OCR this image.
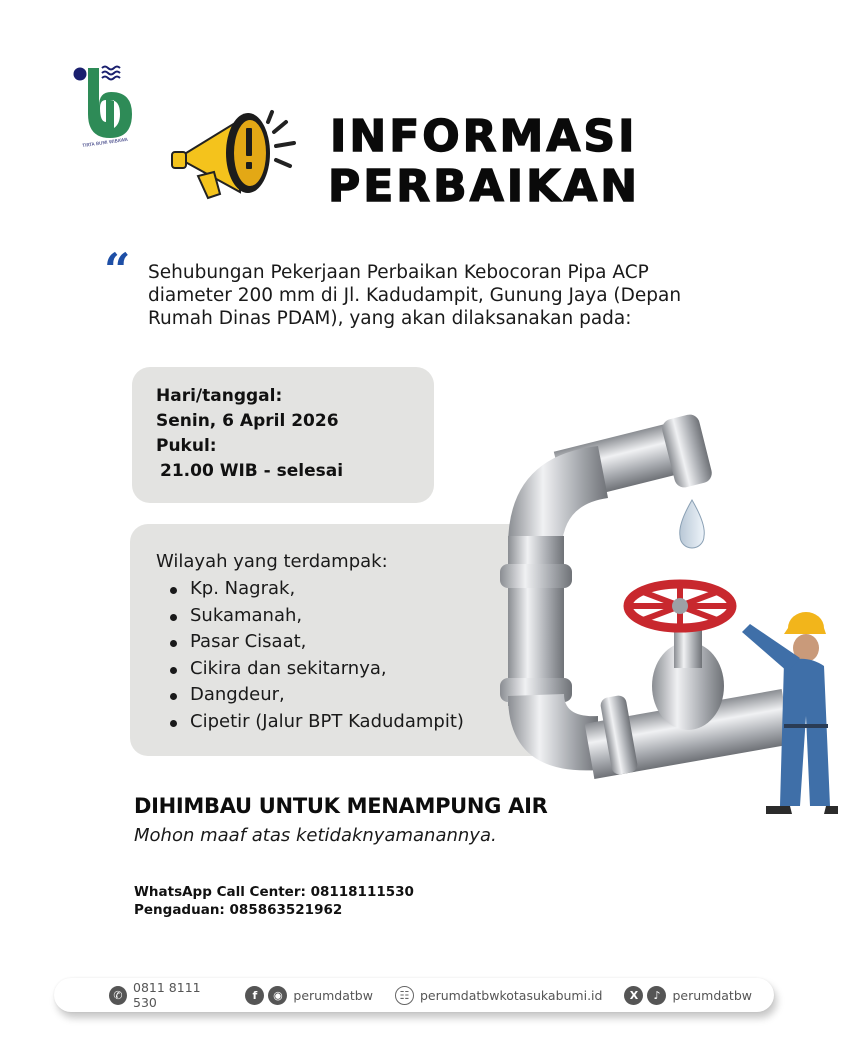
TIRTA BUMI WIBAWA	INFORMASI
PERBAIKAN
“ Sehubungan Pekerjaan Perbaikan Kebocoran Pipa ACP diameter 200 mm di Jl. Kadudampit, Gunung Jaya (Depan Rumah Dinas PDAM), yang akan dilaksanakan pada:

Hari/tanggal:
Senin, 6 April 2026
Pukul:
21.00 WIB - selesai
Wilayah yang terdampak:
Kp. Nagrak,
Sukamanah,
Pasar Cisaat,
Cikira dan sekitarnya,
Dangdeur,
Cipetir (Jalur BPT Kadudampit)
DIHIMBAU UNTUK MENAMPUNG AIR
Mohon maaf atas ketidaknyamanannya.
WhatsApp Call Center: 08118111530
Pengaduan: 085863521962
✆ 0811 8111 530	f	◉ perumdatbw	☷ perumdatbwkotasukabumi.id	X	♪ perumdatbw
